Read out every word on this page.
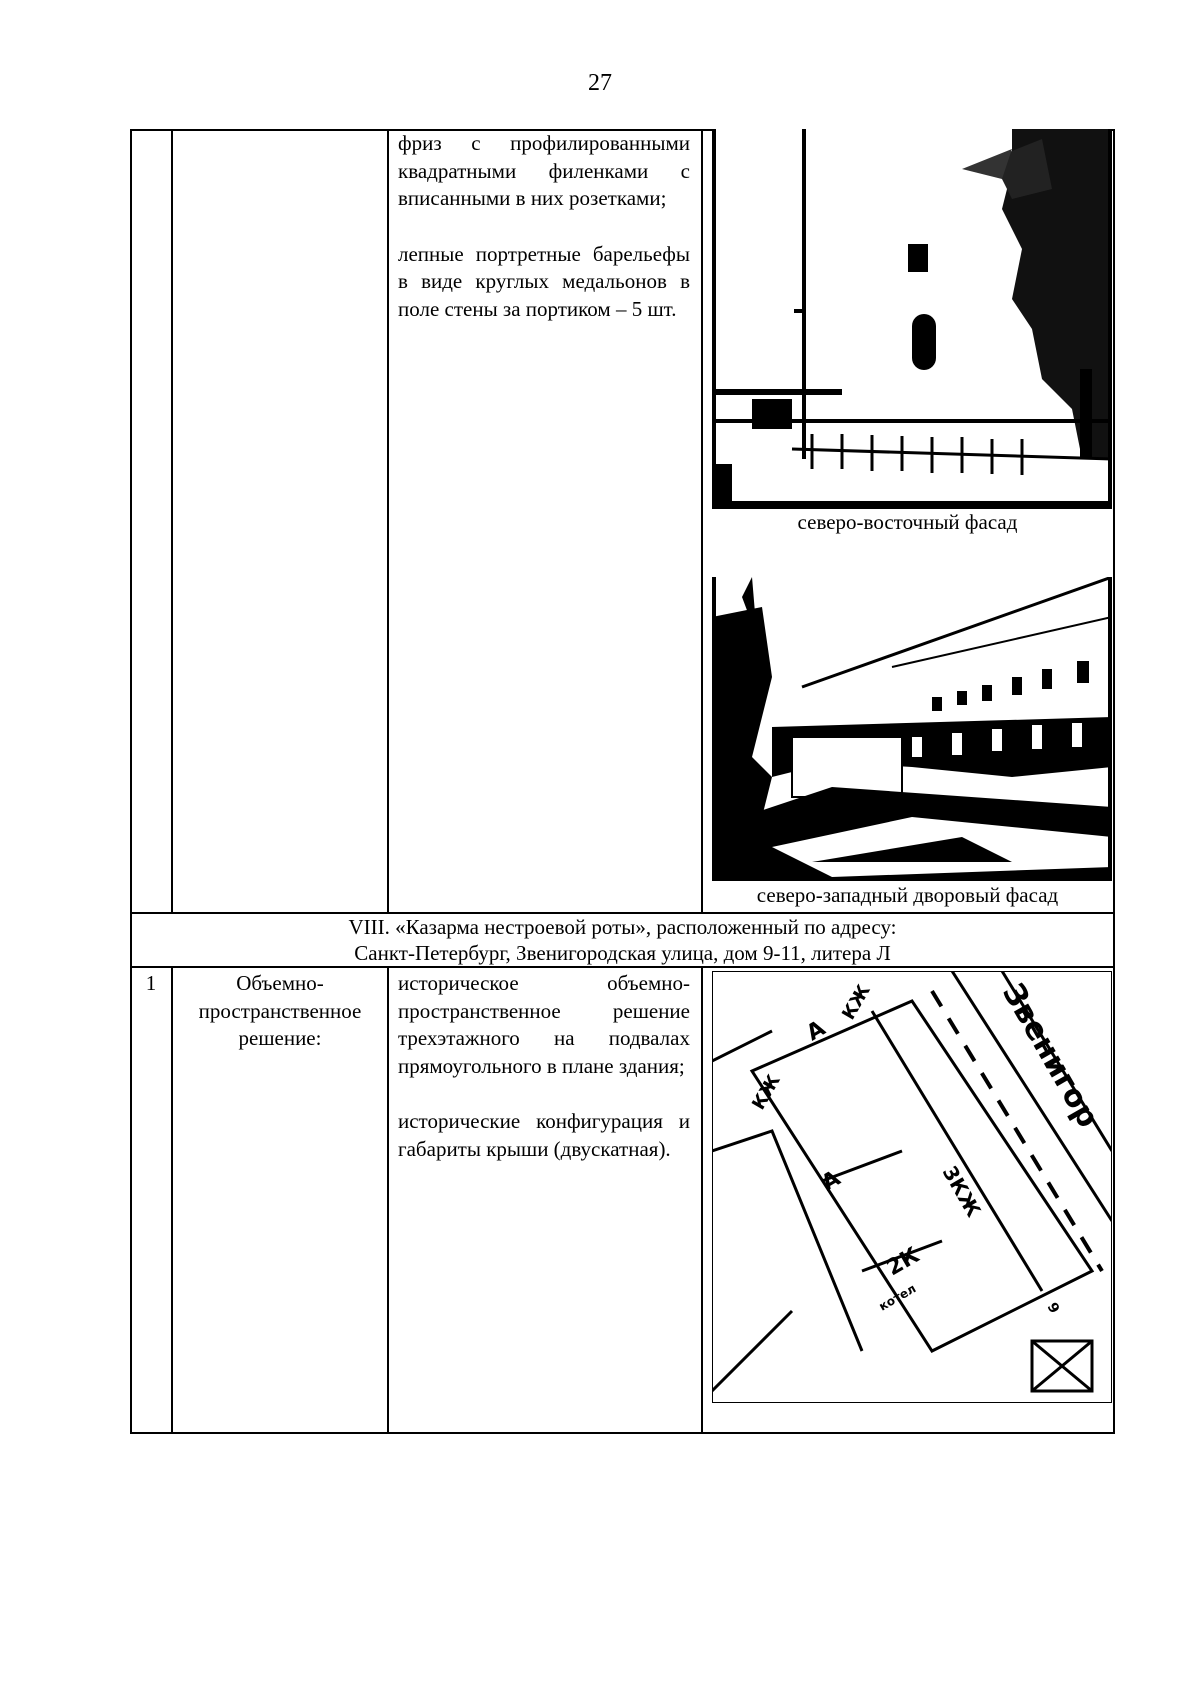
27

фриз с профилированными квадратными филенками с вписанными в них розетками;

лепные портретные барельефы в виде круглых медальонов в поле стены за портиком – 5 шт.

северо-восточный фасад
северо-западный дворовый фасад
VIII. «Казарма нестроевой роты», расположенный по адресу:
Санкт-Петербург, Звенигородская улица, дом 9-11, литера Л
1	Объемно-пространственное решение:

историческое объемно-пространственное решение трехэтажного на подвалах прямоугольного в плане здания;

исторические конфигурация и габариты крыши (двускатная).

А
КЖ
КЖ
А	3КЖ
2К
котел
Звенигор
9
